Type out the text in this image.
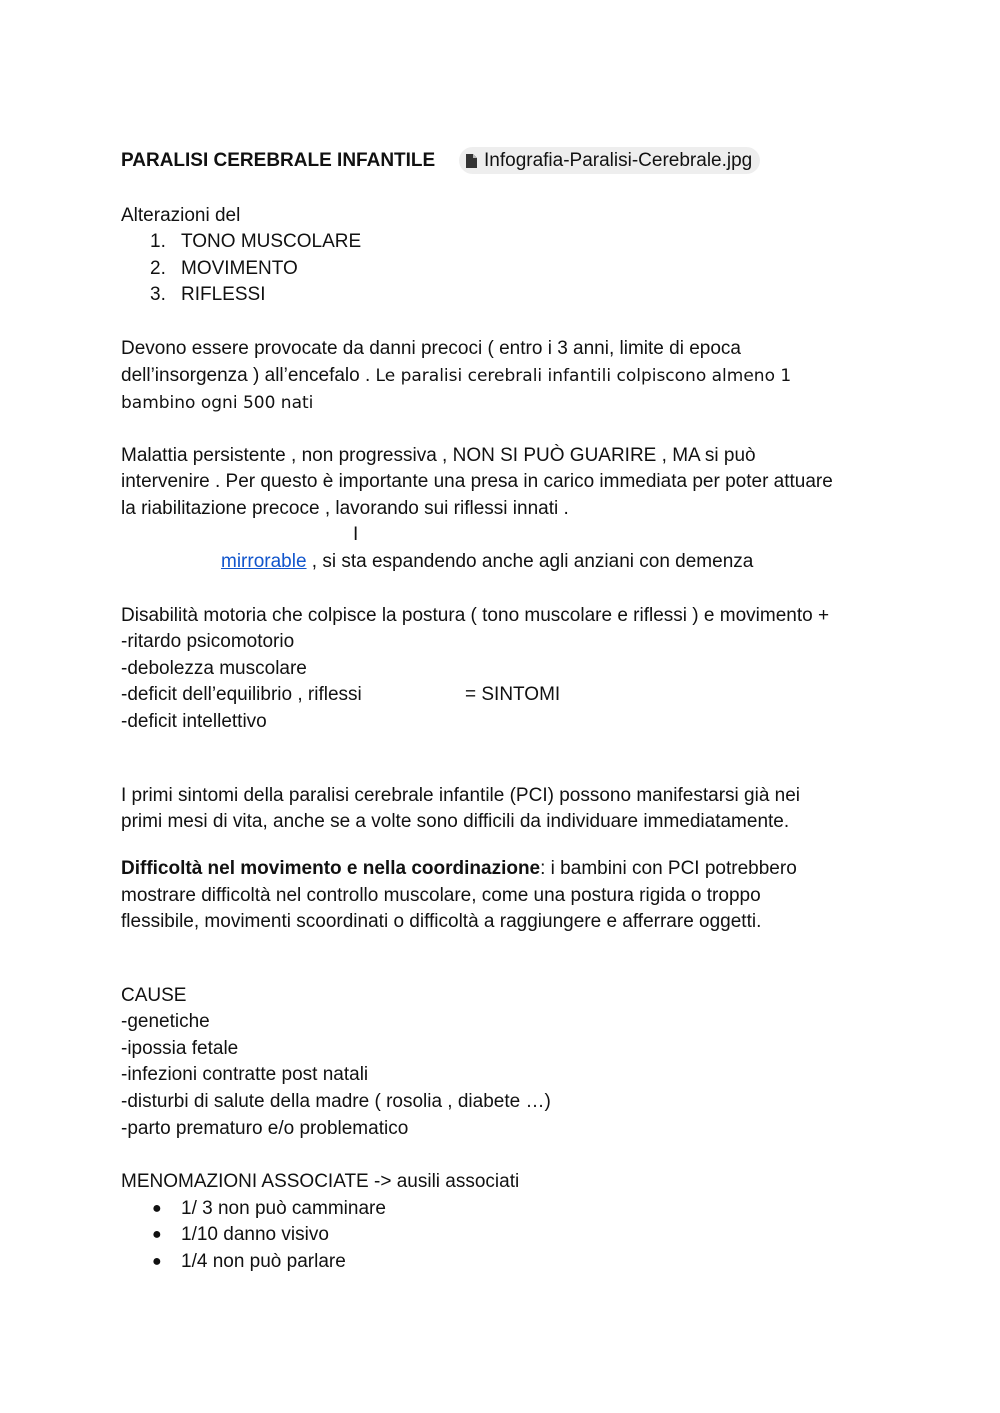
PARALISI CEREBRALE INFANTILE	Infografia-Paralisi-Cerebrale.jpg
Alterazioni del
1. TONO MUSCOLARE
2. MOVIMENTO
3. RIFLESSI
Devono essere provocate da danni precoci ( entro i 3 anni, limite di epoca
dell’insorgenza ) all’encefalo . Le paralisi cerebrali infantili colpiscono almeno 1
bambino ogni 500 nati
Malattia persistente , non progressiva , NON SI PUÒ GUARIRE , MA si può
intervenire . Per questo è importante una presa in carico immediata per poter attuare
la riabilitazione precoce , lavorando sui riflessi innati .
I
mirrorable , si sta espandendo anche agli anziani con demenza
Disabilità motoria che colpisce la postura ( tono muscolare e riflessi ) e movimento +
-ritardo psicomotorio
-debolezza muscolare
-deficit dell’equilibrio , riflessi	= SINTOMI
-deficit intellettivo
I primi sintomi della paralisi cerebrale infantile (PCI) possono manifestarsi già nei
primi mesi di vita, anche se a volte sono difficili da individuare immediatamente.
Difficoltà nel movimento e nella coordinazione: i bambini con PCI potrebbero
mostrare difficoltà nel controllo muscolare, come una postura rigida o troppo
flessibile, movimenti scoordinati o difficoltà a raggiungere e afferrare oggetti.
CAUSE
-genetiche
-ipossia fetale
-infezioni contratte post natali
-disturbi di salute della madre ( rosolia , diabete …)
-parto prematuro e/o problematico
MENOMAZIONI ASSOCIATE -> ausili associati
● 1/ 3 non può camminare
● 1/10 danno visivo
● 1/4 non può parlare
